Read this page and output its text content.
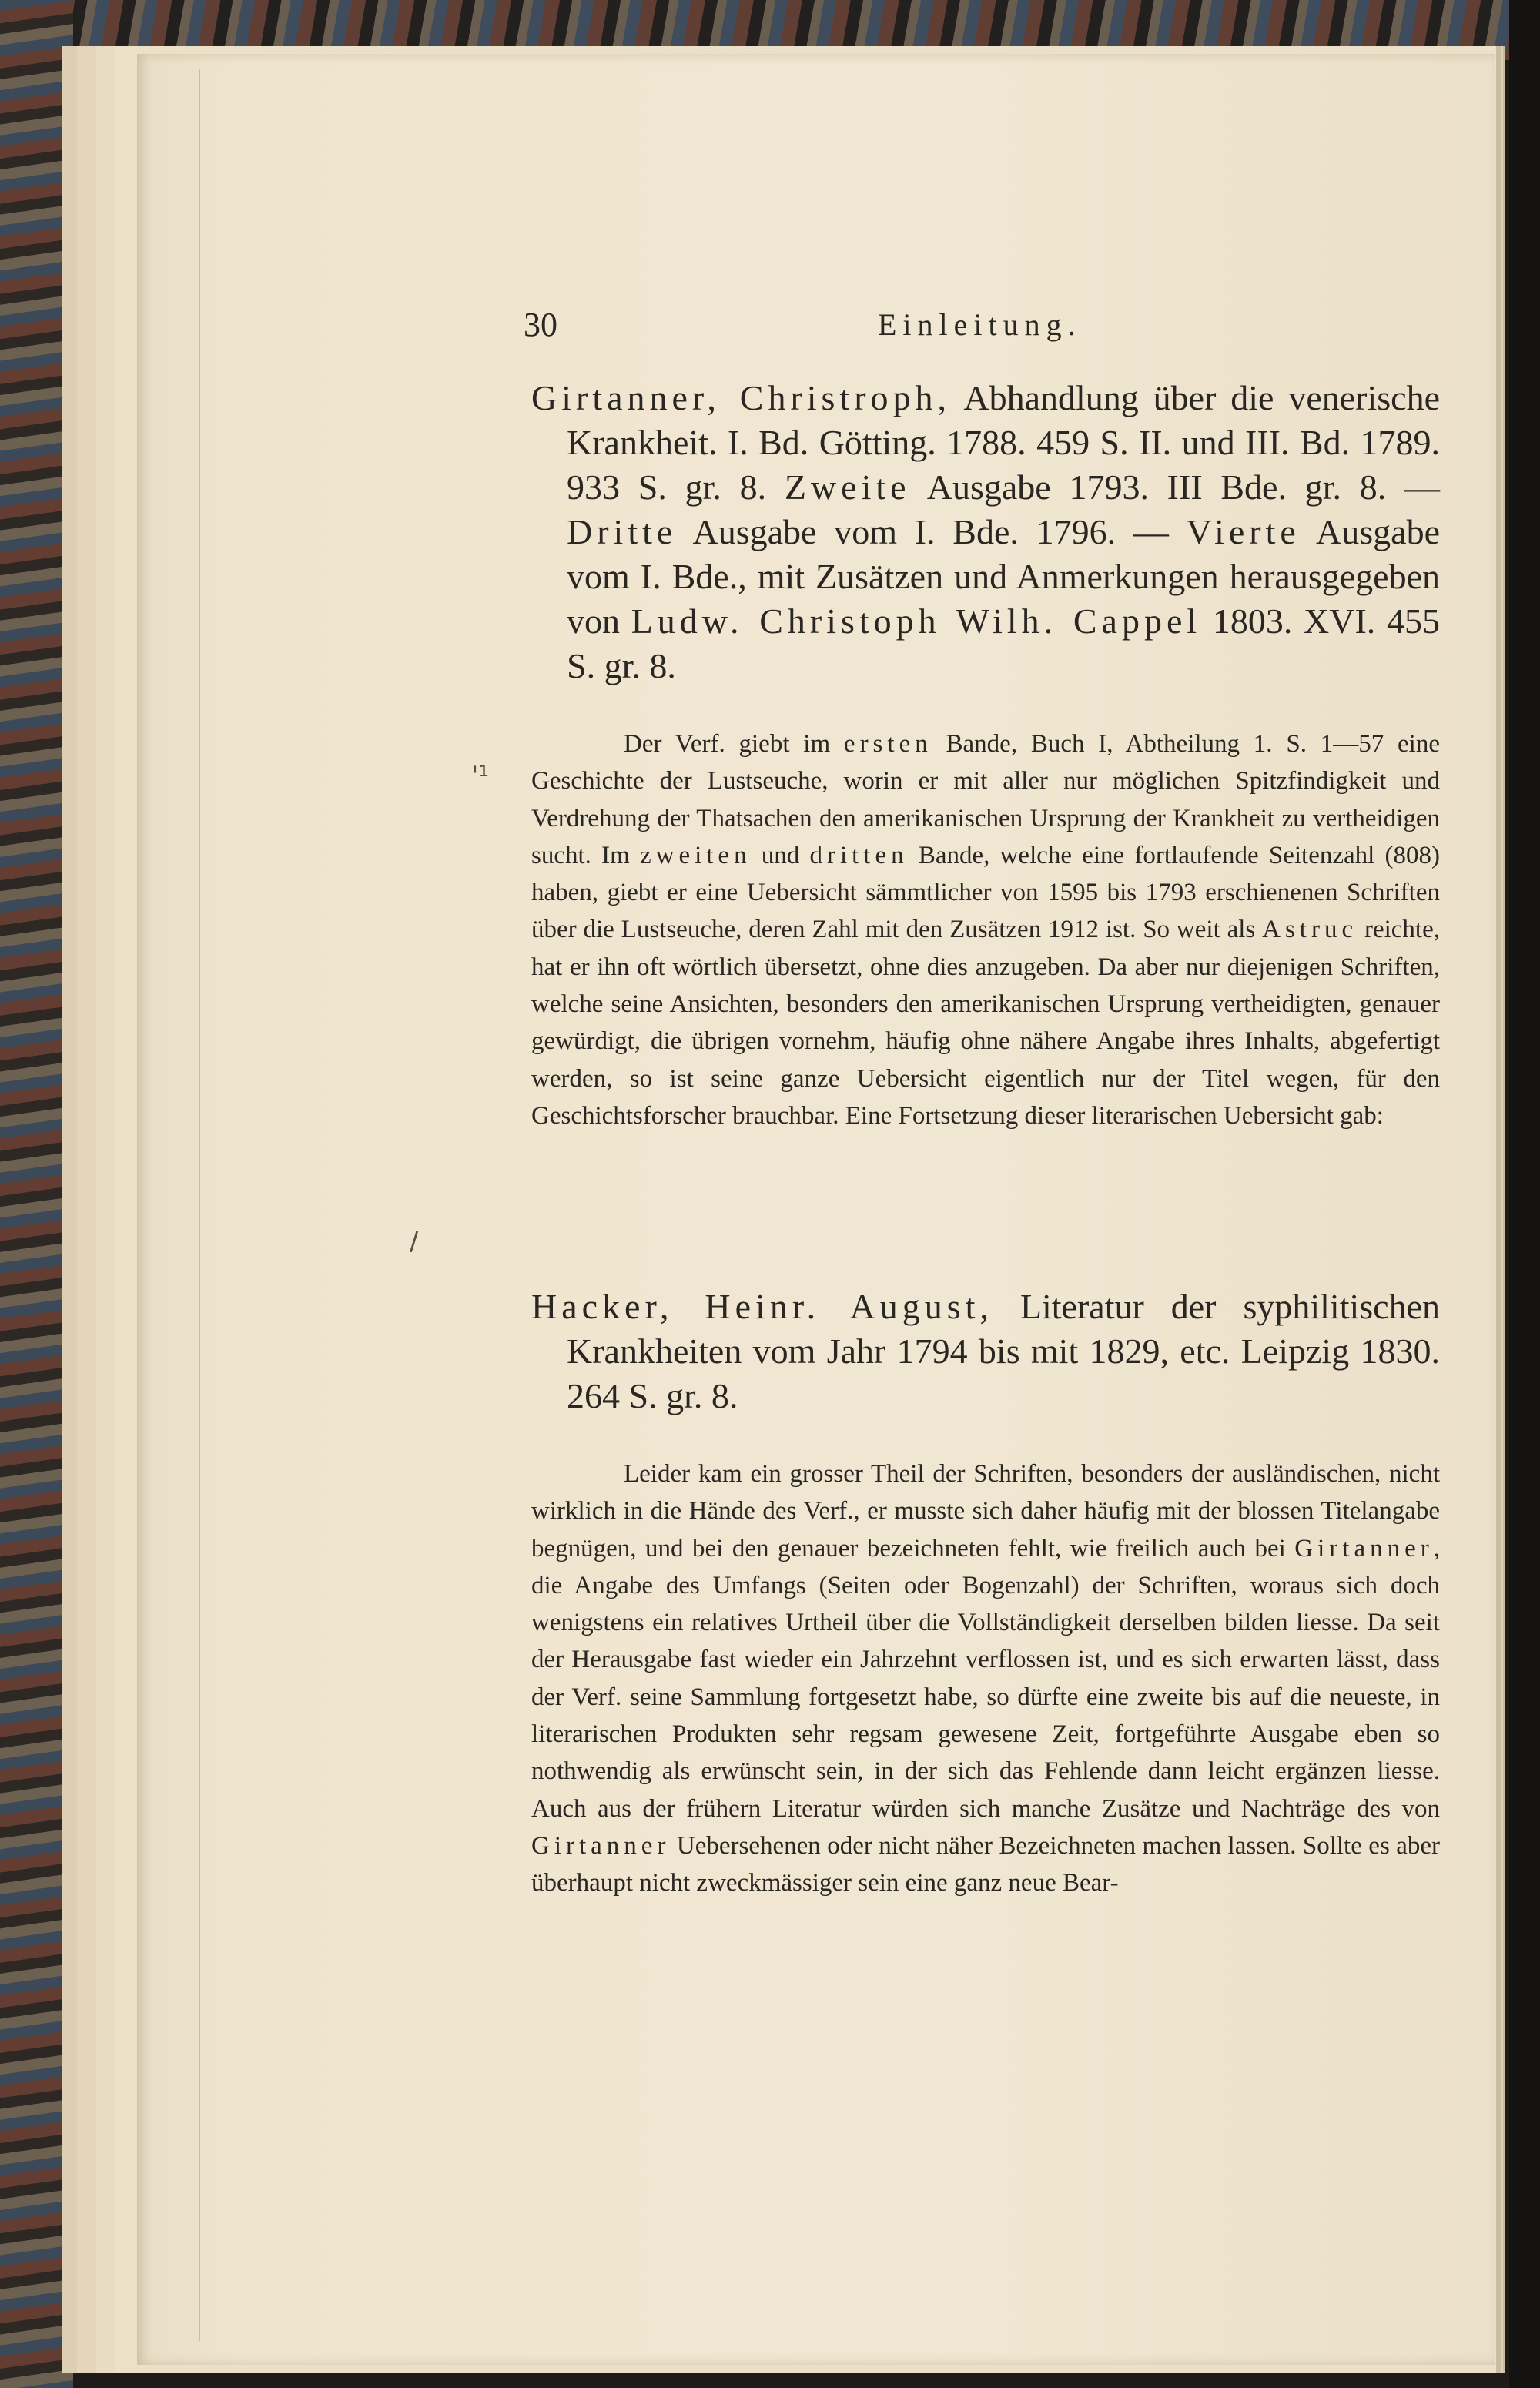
30	Einleitung.

Girtanner, Christroph, Abhandlung über die venerische Krankheit. I. Bd. Götting. 1788. 459 S. II. und III. Bd. 1789. 933 S. gr. 8. Zweite Ausgabe 1793. III Bde. gr. 8. — Dritte Ausgabe vom I. Bde. 1796. — Vierte Ausgabe vom I. Bde., mit Zusätzen und Anmerkungen herausgegeben von Ludw. Christoph Wilh. Cappel 1803. XVI. 455 S. gr. 8.

Der Verf. giebt im ersten Bande, Buch I, Abtheilung 1. S. 1—57 eine Geschichte der Lustseuche, worin er mit aller nur möglichen Spitzfindigkeit und Verdrehung der Thatsachen den amerikanischen Ursprung der Krankheit zu vertheidigen sucht. Im zweiten und dritten Bande, welche eine fortlaufende Seitenzahl (808) haben, giebt er eine Uebersicht sämmtlicher von 1595 bis 1793 erschienenen Schriften über die Lustseuche, deren Zahl mit den Zusätzen 1912 ist. So weit als Astruc reichte, hat er ihn oft wörtlich übersetzt, ohne dies anzugeben. Da aber nur diejenigen Schriften, welche seine Ansichten, besonders den amerikanischen Ursprung vertheidigten, genauer gewürdigt, die übrigen vornehm, häufig ohne nähere Angabe ihres Inhalts, abgefertigt werden, so ist seine ganze Uebersicht eigentlich nur der Titel wegen, für den Geschichtsforscher brauchbar. Eine Fortsetzung dieser literarischen Uebersicht gab:

Hacker, Heinr. August, Literatur der syphilitischen Krankheiten vom Jahr 1794 bis mit 1829, etc. Leipzig 1830. 264 S. gr. 8.

Leider kam ein grosser Theil der Schriften, besonders der ausländischen, nicht wirklich in die Hände des Verf., er musste sich daher häufig mit der blossen Titelangabe begnügen, und bei den genauer bezeichneten fehlt, wie freilich auch bei Girtanner, die Angabe des Umfangs (Seiten oder Bogenzahl) der Schriften, woraus sich doch wenigstens ein relatives Urtheil über die Vollständigkeit derselben bilden liesse. Da seit der Herausgabe fast wieder ein Jahrzehnt verflossen ist, und es sich erwarten lässt, dass der Verf. seine Sammlung fortgesetzt habe, so dürfte eine zweite bis auf die neueste, in literarischen Produkten sehr regsam gewesene Zeit, fortgeführte Ausgabe eben so nothwendig als erwünscht sein, in der sich das Fehlende dann leicht ergänzen liesse. Auch aus der frühern Literatur würden sich manche Zusätze und Nachträge des von Girtanner Uebersehenen oder nicht näher Bezeichneten machen lassen. Sollte es aber überhaupt nicht zweckmässiger sein eine ganz neue Bear-

'¹
/
